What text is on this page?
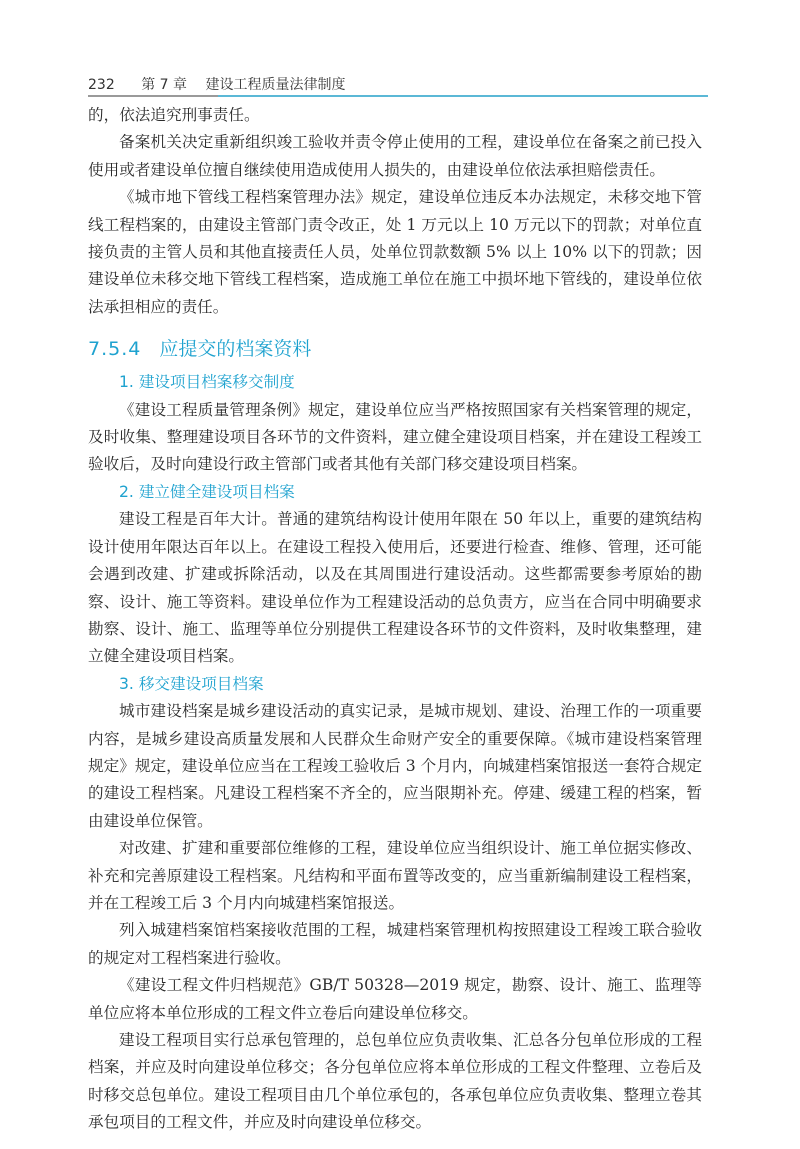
232 第 7 章 建设工程质量法律制度

的，依法追究刑事责任。

备案机关决定重新组织竣工验收并责令停止使用的工程，建设单位在备案之前已投入使用或者建设单位擅自继续使用造成使用人损失的，由建设单位依法承担赔偿责任。

《城市地下管线工程档案管理办法》规定，建设单位违反本办法规定，未移交地下管线工程档案的，由建设主管部门责令改正，处 1 万元以上 10 万元以下的罚款；对单位直接负责的主管人员和其他直接责任人员，处单位罚款数额 5% 以上 10% 以下的罚款；因建设单位未移交地下管线工程档案，造成施工单位在施工中损坏地下管线的，建设单位依法承担相应的责任。

7.5.4 应提交的档案资料
1. 建设项目档案移交制度

《建设工程质量管理条例》规定，建设单位应当严格按照国家有关档案管理的规定，及时收集、整理建设项目各环节的文件资料，建立健全建设项目档案，并在建设工程竣工验收后，及时向建设行政主管部门或者其他有关部门移交建设项目档案。

2. 建立健全建设项目档案

建设工程是百年大计。普通的建筑结构设计使用年限在 50 年以上，重要的建筑结构设计使用年限达百年以上。在建设工程投入使用后，还要进行检查、维修、管理，还可能会遇到改建、扩建或拆除活动，以及在其周围进行建设活动。这些都需要参考原始的勘察、设计、施工等资料。建设单位作为工程建设活动的总负责方，应当在合同中明确要求勘察、设计、施工、监理等单位分别提供工程建设各环节的文件资料，及时收集整理，建立健全建设项目档案。

3. 移交建设项目档案

城市建设档案是城乡建设活动的真实记录，是城市规划、建设、治理工作的一项重要内容，是城乡建设高质量发展和人民群众生命财产安全的重要保障。《城市建设档案管理规定》规定，建设单位应当在工程竣工验收后 3 个月内，向城建档案馆报送一套符合规定的建设工程档案。凡建设工程档案不齐全的，应当限期补充。停建、缓建工程的档案，暂由建设单位保管。

对改建、扩建和重要部位维修的工程，建设单位应当组织设计、施工单位据实修改、补充和完善原建设工程档案。凡结构和平面布置等改变的，应当重新编制建设工程档案，并在工程竣工后 3 个月内向城建档案馆报送。

列入城建档案馆档案接收范围的工程，城建档案管理机构按照建设工程竣工联合验收的规定对工程档案进行验收。

《建设工程文件归档规范》GB/T 50328—2019 规定，勘察、设计、施工、监理等单位应将本单位形成的工程文件立卷后向建设单位移交。

建设工程项目实行总承包管理的，总包单位应负责收集、汇总各分包单位形成的工程档案，并应及时向建设单位移交；各分包单位应将本单位形成的工程文件整理、立卷后及时移交总包单位。建设工程项目由几个单位承包的，各承包单位应负责收集、整理立卷其承包项目的工程文件，并应及时向建设单位移交。
